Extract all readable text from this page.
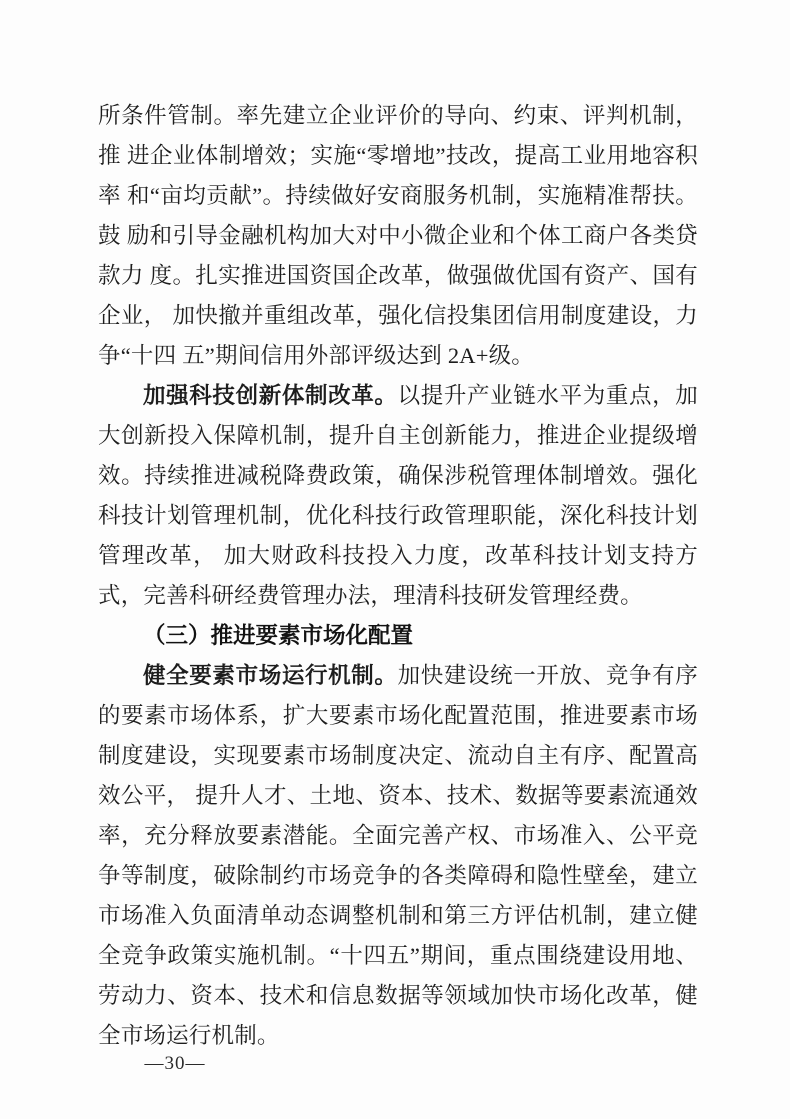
所条件管制。率先建立企业评价的导向、约束、评判机制，推 进企业体制增效；实施“零增地”技改，提高工业用地容积率 和“亩均贡献”。持续做好安商服务机制，实施精准帮扶。鼓 励和引导金融机构加大对中小微企业和个体工商户各类贷款力 度。扎实推进国资国企改革，做强做优国有资产、国有企业， 加快撤并重组改革，强化信投集团信用制度建设，力争“十四 五”期间信用外部评级达到 2A+级。

加强科技创新体制改革。以提升产业链水平为重点，加大创新投入保障机制，提升自主创新能力，推进企业提级增效。持续推进减税降费政策，确保涉税管理体制增效。强化科技计划管理机制，优化科技行政管理职能，深化科技计划管理改革， 加大财政科技投入力度，改革科技计划支持方式，完善科研经费管理办法，理清科技研发管理经费。

（三）推进要素市场化配置

健全要素市场运行机制。加快建设统一开放、竞争有序的要素市场体系，扩大要素市场化配置范围，推进要素市场制度建设，实现要素市场制度决定、流动自主有序、配置高效公平， 提升人才、土地、资本、技术、数据等要素流通效率，充分释放要素潜能。全面完善产权、市场准入、公平竞争等制度，破除制约市场竞争的各类障碍和隐性壁垒，建立市场准入负面清单动态调整机制和第三方评估机制，建立健全竞争政策实施机制。“十四五”期间，重点围绕建设用地、劳动力、资本、技术和信息数据等领域加快市场化改革，健全市场运行机制。

—30—
